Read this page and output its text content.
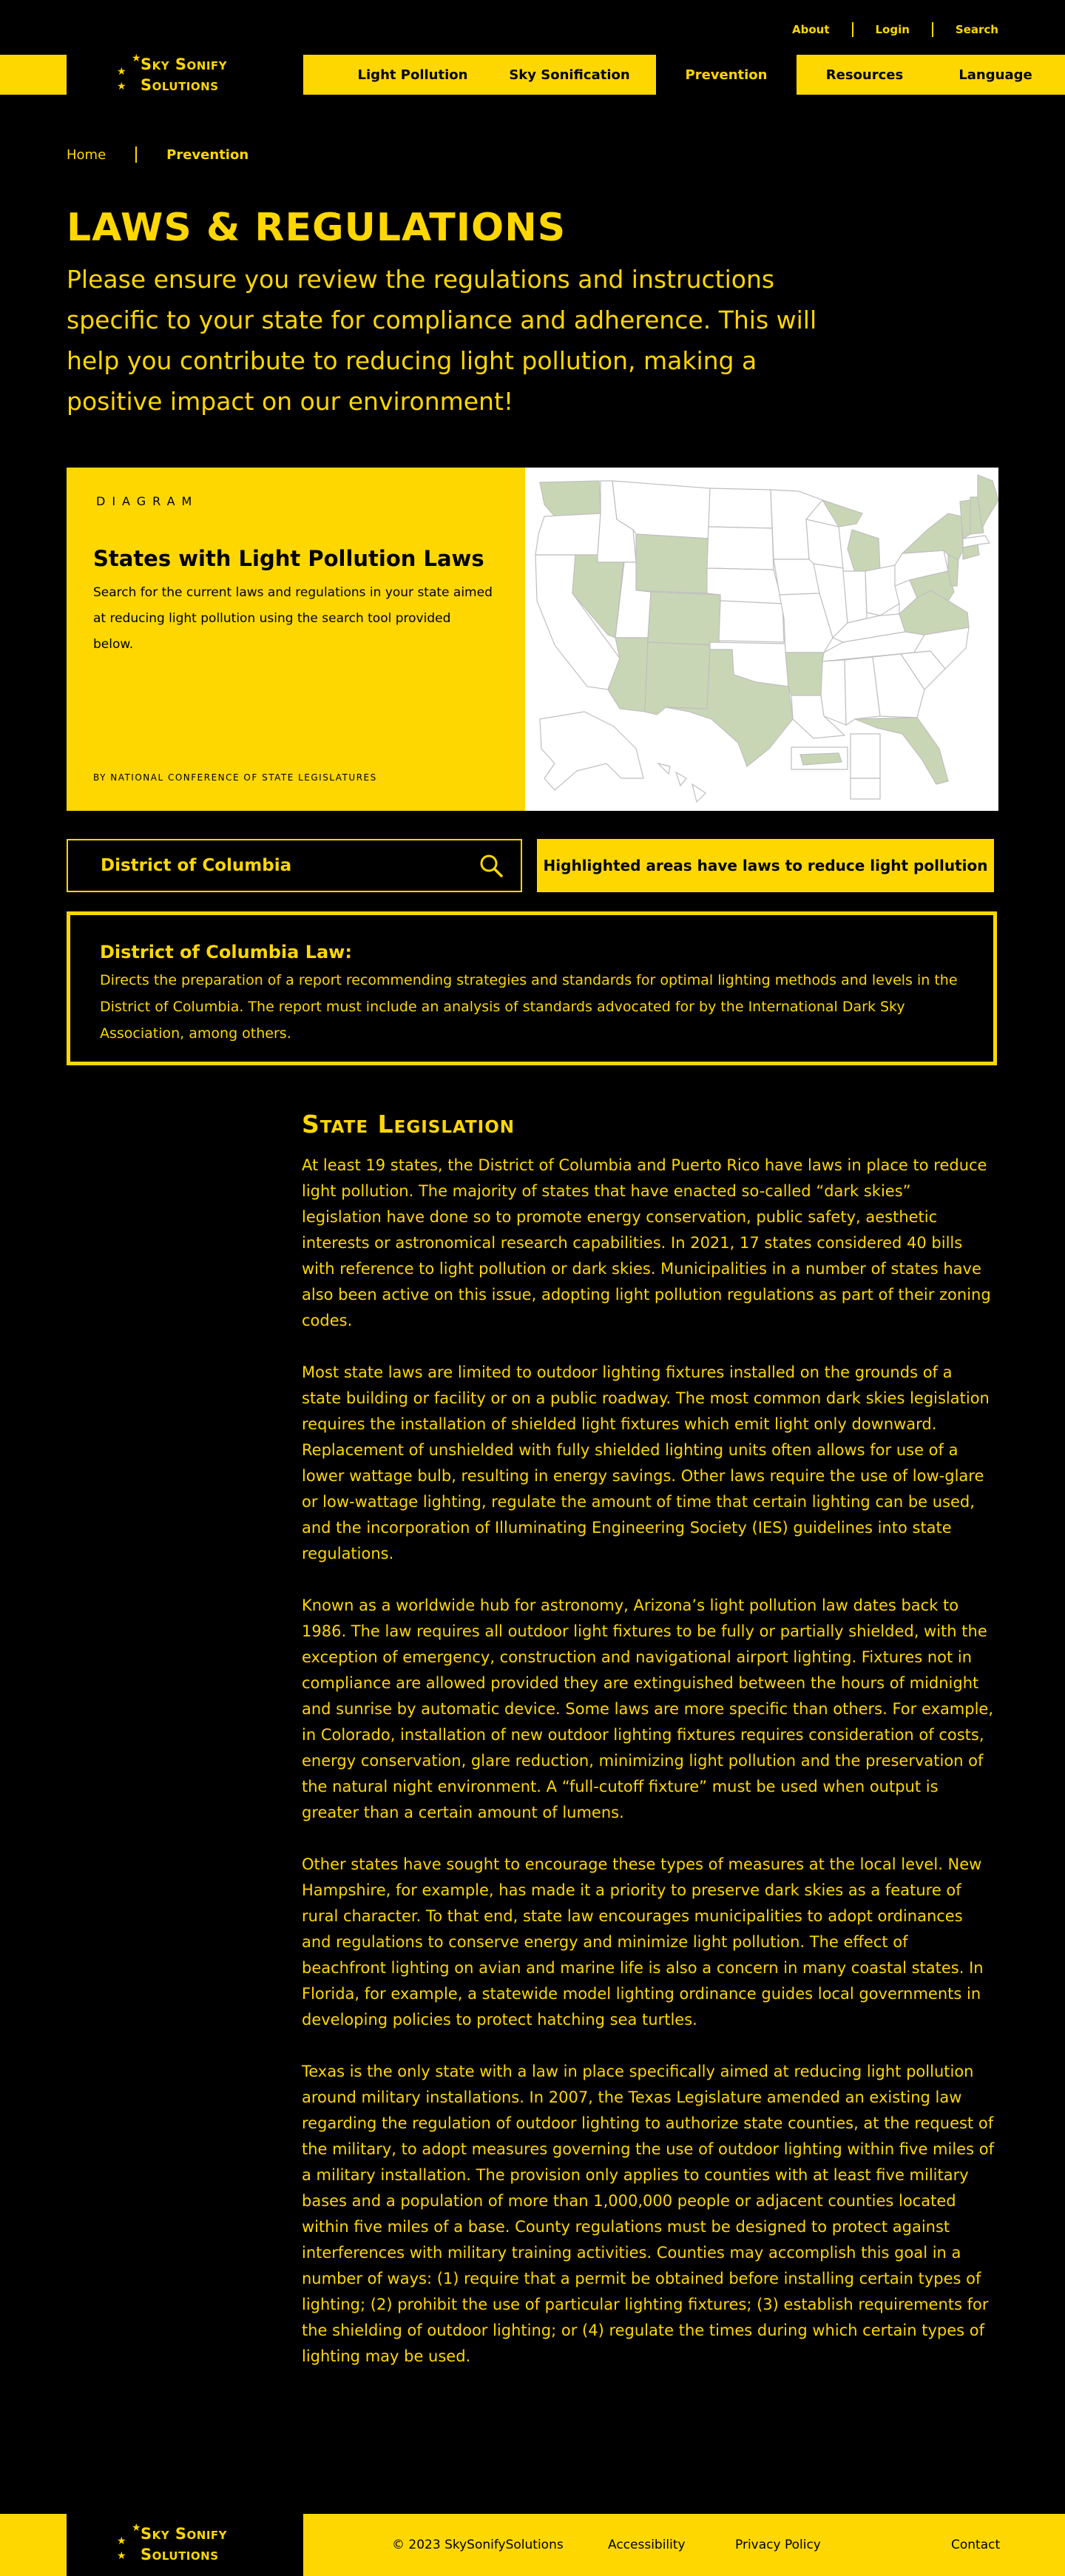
About	Login	Search
★
★
★
Sky Sonify
Solutions
Light Pollution	Sky Sonification	Prevention	Resources	Language
Home	Prevention
LAWS & REGULATIONS

Please ensure you review the regulations and instructions specific to your state for compliance and adherence. This will help you contribute to reducing light pollution, making a positive impact on our environment!

DIAGRAM
States with Light Pollution Laws
Search for the current laws and regulations in your state aimed at reducing light pollution using the search tool provided below.
BY NATIONAL CONFERENCE OF STATE LEGISLATURES
District of Columbia	Highlighted areas have laws to reduce light pollution
District of Columbia Law:

Directs the preparation of a report recommending strategies and standards for optimal lighting methods and levels in the District of Columbia. The report must include an analysis of standards advocated for by the International Dark Sky Association, among others.

State Legislation

At least 19 states, the District of Columbia and Puerto Rico have laws in place to reduce light pollution. The majority of states that have enacted so-called “dark skies” legislation have done so to promote energy conservation, public safety, aesthetic interests or astronomical research capabilities. In 2021, 17 states considered 40 bills with reference to light pollution or dark skies. Municipalities in a number of states have also been active on this issue, adopting light pollution regulations as part of their zoning codes.

Most state laws are limited to outdoor lighting fixtures installed on the grounds of a state building or facility or on a public roadway. The most common dark skies legislation requires the installation of shielded light fixtures which emit light only downward. Replacement of unshielded with fully shielded lighting units often allows for use of a lower wattage bulb, resulting in energy savings. Other laws require the use of low-glare or low-wattage lighting, regulate the amount of time that certain lighting can be used, and the incorporation of Illuminating Engineering Society (IES) guidelines into state regulations.

Known as a worldwide hub for astronomy, Arizona’s light pollution law dates back to 1986. The law requires all outdoor light fixtures to be fully or partially shielded, with the exception of emergency, construction and navigational airport lighting. Fixtures not in compliance are allowed provided they are extinguished between the hours of midnight and sunrise by automatic device. Some laws are more specific than others. For example, in Colorado, installation of new outdoor lighting fixtures requires consideration of costs, energy conservation, glare reduction, minimizing light pollution and the preservation of the natural night environment. A “full-cutoff fixture” must be used when output is greater than a certain amount of lumens.

Other states have sought to encourage these types of measures at the local level. New Hampshire, for example, has made it a priority to preserve dark skies as a feature of rural character. To that end, state law encourages municipalities to adopt ordinances and regulations to conserve energy and minimize light pollution. The effect of beachfront lighting on avian and marine life is also a concern in many coastal states. In Florida, for example, a statewide model lighting ordinance guides local governments in developing policies to protect hatching sea turtles.

Texas is the only state with a law in place specifically aimed at reducing light pollution around military installations. In 2007, the Texas Legislature amended an existing law regarding the regulation of outdoor lighting to authorize state counties, at the request of the military, to adopt measures governing the use of outdoor lighting within five miles of a military installation. The provision only applies to counties with at least five military bases and a population of more than 1,000,000 people or adjacent counties located within five miles of a base. County regulations must be designed to protect against interferences with military training activities. Counties may accomplish this goal in a number of ways: (1) require that a permit be obtained before installing certain types of lighting; (2) prohibit the use of particular lighting fixtures; (3) establish requirements for the shielding of outdoor lighting; or (4) regulate the times during which certain types of lighting may be used.

★
★
★
Sky Sonify
Solutions
© 2023 SkySonifySolutions	Accessibility	Privacy Policy	Contact
